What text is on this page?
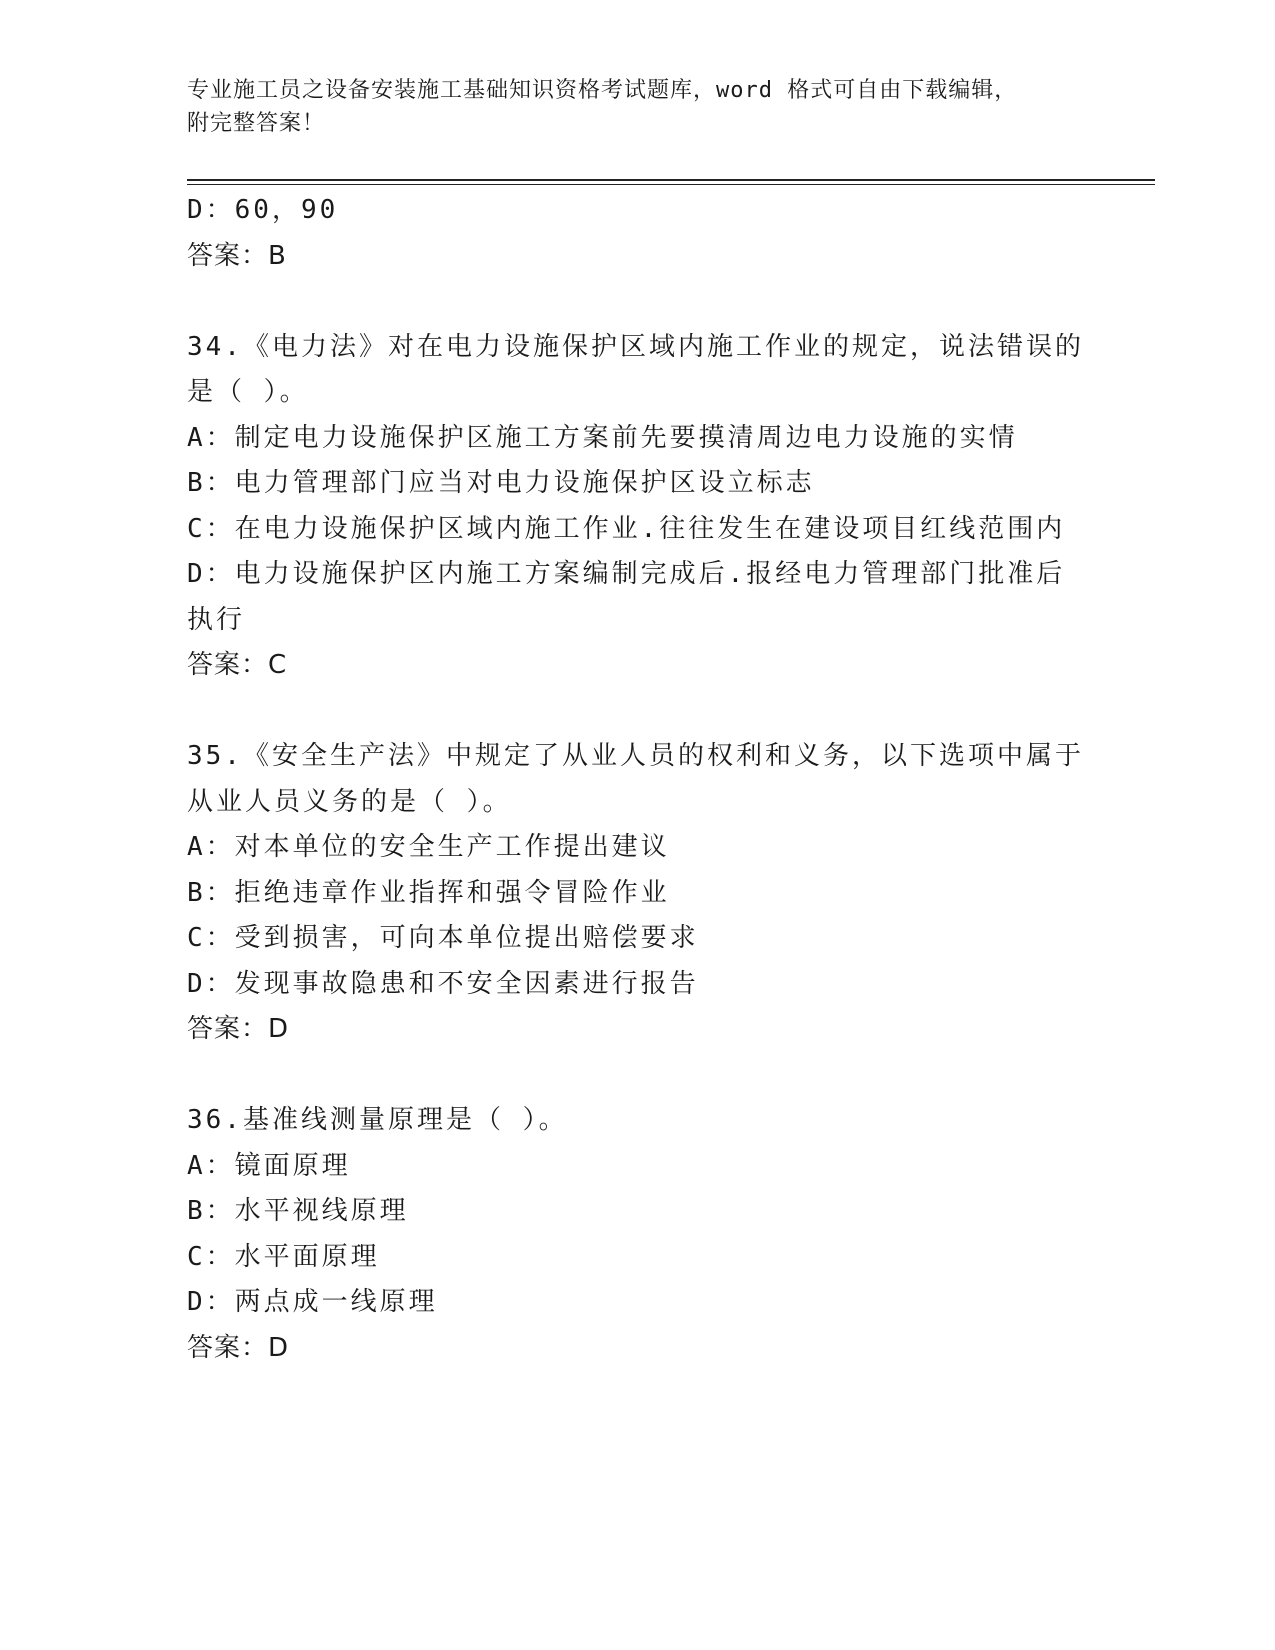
专业施工员之设备安装施工基础知识资格考试题库，word 格式可自由下载编辑，
附完整答案！
D：60，90
答案：B
34.《电力法》对在电力设施保护区域内施工作业的规定，说法错误的
是（ ）。
A：制定电力设施保护区施工方案前先要摸清周边电力设施的实情
B：电力管理部门应当对电力设施保护区设立标志
C：在电力设施保护区域内施工作业.往往发生在建设项目红线范围内
D：电力设施保护区内施工方案编制完成后.报经电力管理部门批准后
执行
答案：C
35.《安全生产法》中规定了从业人员的权利和义务，以下选项中属于
从业人员义务的是（ ）。
A：对本单位的安全生产工作提出建议
B：拒绝违章作业指挥和强令冒险作业
C：受到损害，可向本单位提出赔偿要求
D：发现事故隐患和不安全因素进行报告
答案：D
36.基准线测量原理是（ ）。
A：镜面原理
B：水平视线原理
C：水平面原理
D：两点成一线原理
答案：D
